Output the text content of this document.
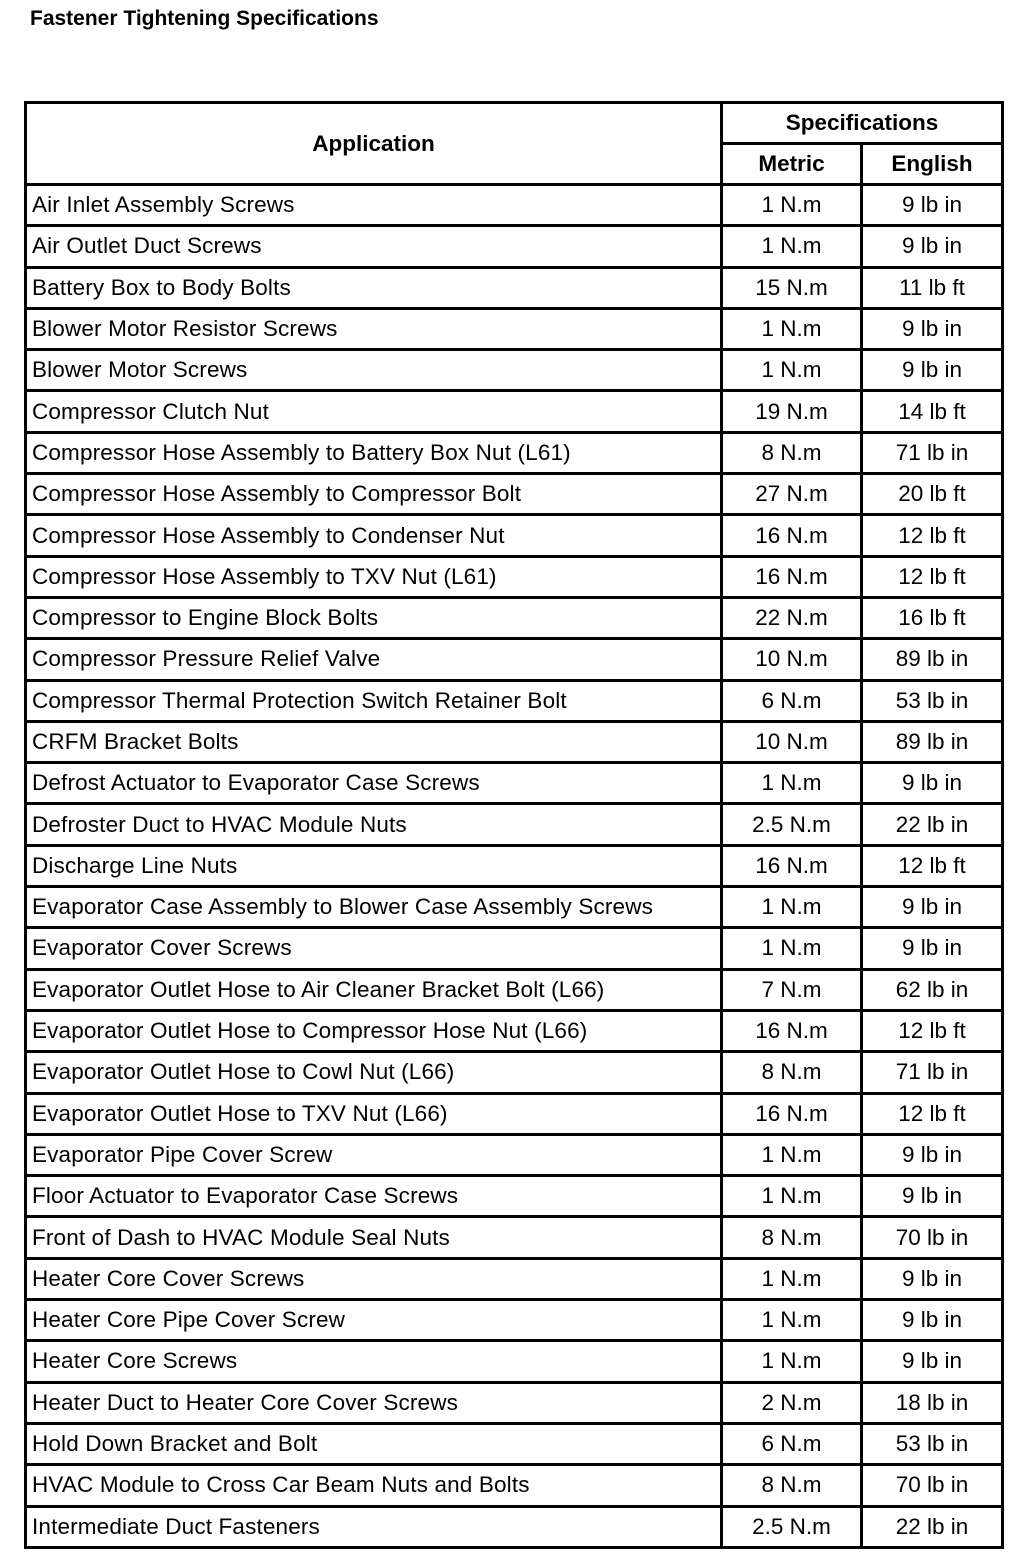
Fastener Tightening Specifications
Application	Specifications	
	Metric	English
Air Inlet Assembly Screws	1 N.m	9 lb in
Air Outlet Duct Screws	1 N.m	9 lb in
Battery Box to Body Bolts	15 N.m	11 lb ft
Blower Motor Resistor Screws	1 N.m	9 lb in
Blower Motor Screws	1 N.m	9 lb in
Compressor Clutch Nut	19 N.m	14 lb ft
Compressor Hose Assembly to Battery Box Nut (L61)	8 N.m	71 lb in
Compressor Hose Assembly to Compressor Bolt	27 N.m	20 lb ft
Compressor Hose Assembly to Condenser Nut	16 N.m	12 lb ft
Compressor Hose Assembly to TXV Nut (L61)	16 N.m	12 lb ft
Compressor to Engine Block Bolts	22 N.m	16 lb ft
Compressor Pressure Relief Valve	10 N.m	89 lb in
Compressor Thermal Protection Switch Retainer Bolt	6 N.m	53 lb in
CRFM Bracket Bolts	10 N.m	89 lb in
Defrost Actuator to Evaporator Case Screws	1 N.m	9 lb in
Defroster Duct to HVAC Module Nuts	2.5 N.m	22 lb in
Discharge Line Nuts	16 N.m	12 lb ft
Evaporator Case Assembly to Blower Case Assembly Screws	1 N.m	9 lb in
Evaporator Cover Screws	1 N.m	9 lb in
Evaporator Outlet Hose to Air Cleaner Bracket Bolt (L66)	7 N.m	62 lb in
Evaporator Outlet Hose to Compressor Hose Nut (L66)	16 N.m	12 lb ft
Evaporator Outlet Hose to Cowl Nut (L66)	8 N.m	71 lb in
Evaporator Outlet Hose to TXV Nut (L66)	16 N.m	12 lb ft
Evaporator Pipe Cover Screw	1 N.m	9 lb in
Floor Actuator to Evaporator Case Screws	1 N.m	9 lb in
Front of Dash to HVAC Module Seal Nuts	8 N.m	70 lb in
Heater Core Cover Screws	1 N.m	9 lb in
Heater Core Pipe Cover Screw	1 N.m	9 lb in
Heater Core Screws	1 N.m	9 lb in
Heater Duct to Heater Core Cover Screws	2 N.m	18 lb in
Hold Down Bracket and Bolt	6 N.m	53 lb in
HVAC Module to Cross Car Beam Nuts and Bolts	8 N.m	70 lb in
Intermediate Duct Fasteners	2.5 N.m	22 lb in
